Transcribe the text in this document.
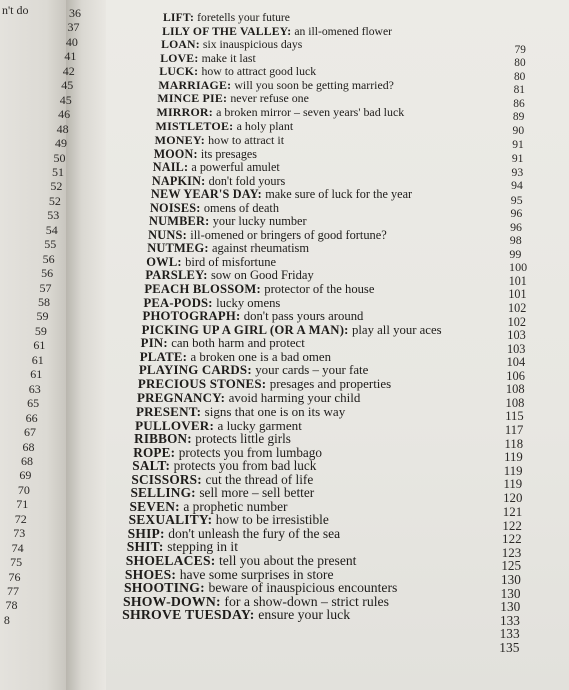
n't do	36
37
40
41
42
45
45
46
48
49
50
51
52
52
53
54
55
56
56
57
58
59
59
61
61
61
63
65
66
67
68
68
69
70
71
72
73
74
75
76
77
78
8
LIFT: foretells your future
LILY OF THE VALLEY: an ill-omened flower
LOAN: six inauspicious days
LOVE: make it last
LUCK: how to attract good luck
MARRIAGE: will you soon be getting married?
MINCE PIE: never refuse one
MIRROR: a broken mirror – seven years' bad luck
MISTLETOE: a holy plant
MONEY: how to attract it
MOON: its presages
NAIL: a powerful amulet
NAPKIN: don't fold yours
NEW YEAR'S DAY: make sure of luck for the year
NOISES: omens of death
NUMBER: your lucky number
NUNS: ill-omened or bringers of good fortune?
NUTMEG: against rheumatism
OWL: bird of misfortune
PARSLEY: sow on Good Friday
PEACH BLOSSOM: protector of the house
PEA-PODS: lucky omens
PHOTOGRAPH: don't pass yours around
PICKING UP A GIRL (OR A MAN): play all your aces
PIN: can both harm and protect
PLATE: a broken one is a bad omen
PLAYING CARDS: your cards – your fate
PRECIOUS STONES: presages and properties
PREGNANCY: avoid harming your child
PRESENT: signs that one is on its way
PULLOVER: a lucky garment
RIBBON: protects little girls
ROPE: protects you from lumbago
SALT: protects you from bad luck
SCISSORS: cut the thread of life
SELLING: sell more – sell better
SEVEN: a prophetic number
SEXUALITY: how to be irresistible
SHIP: don't unleash the fury of the sea
SHIT: stepping in it
SHOELACES: tell you about the present
SHOES: have some surprises in store
SHOOTING: beware of inauspicious encounters
SHOW-DOWN: for a show-down – strict rules
SHROVE TUESDAY: ensure your luck
79
80
80
81
86
89
90
91
91
93
94
95
96
96
98
99
100
101
101
102
102
103
103
104
106
108
108
115
117
118
119
119
119
120
121
122
122
123
125
130
130
130
133
133
135
